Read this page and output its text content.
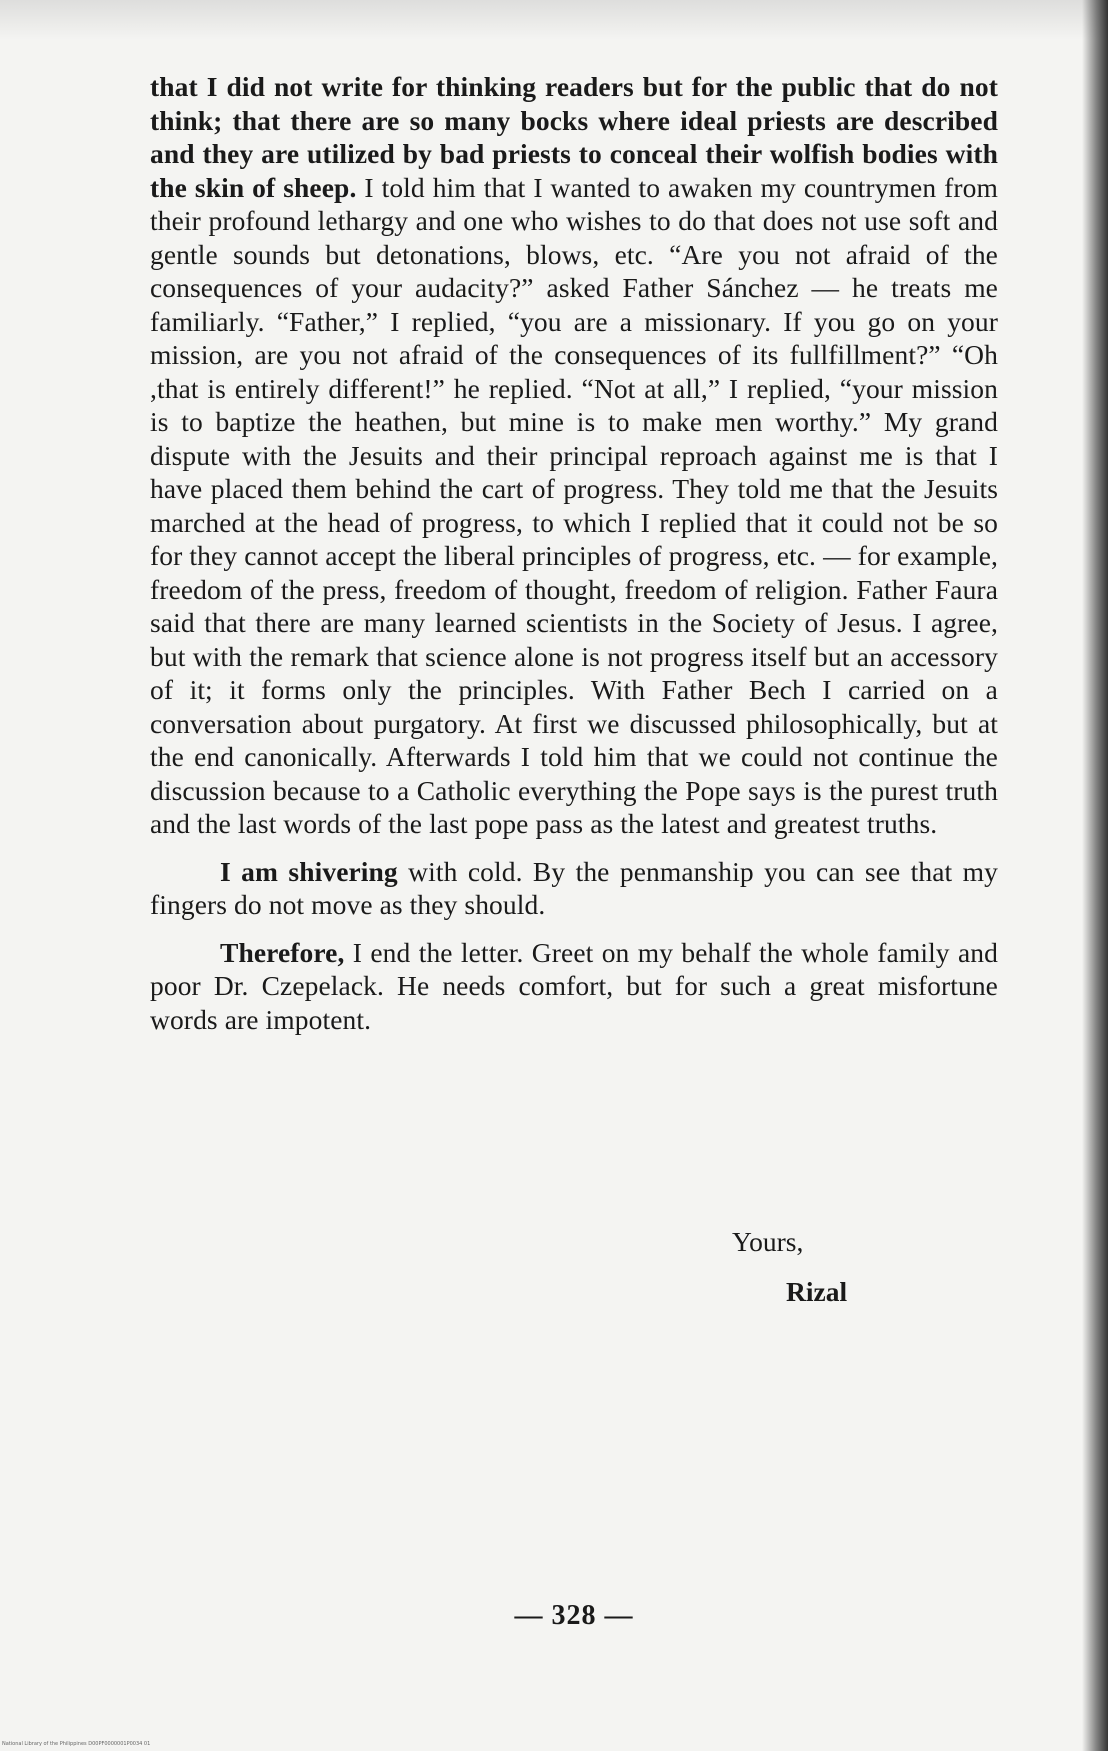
that I did not write for thinking readers but for the public that do not think; that there are so many bocks where ideal priests are described and they are utilized by bad priests to conceal their wolfish bodies with the skin of sheep. I told him that I wanted to awaken my countrymen from their profound lethargy and one who wishes to do that does not use soft and gentle sounds but detonations, blows, etc. “Are you not afraid of the consequences of your audacity?” asked Father Sánchez — he treats me familiarly. “Father,” I replied, “you are a missionary. If you go on your mission, are you not afraid of the consequences of its fullfillment?” “Oh ,that is entirely different!” he replied. “Not at all,” I replied, “your mission is to baptize the heathen, but mine is to make men worthy.” My grand dispute with the Jesuits and their principal reproach against me is that I have placed them behind the cart of progress. They told me that the Jesuits marched at the head of progress, to which I replied that it could not be so for they cannot accept the liberal principles of progress, etc. — for example, freedom of the press, freedom of thought, freedom of religion. Father Faura said that there are many learned scientists in the Society of Jesus. I agree, but with the remark that science alone is not progress itself but an accessory of it; it forms only the principles. With Father Bech I carried on a conversation about purgatory. At first we discussed philosophically, but at the end canonically. Afterwards I told him that we could not continue the discussion because to a Catholic everything the Pope says is the purest truth and the last words of the last pope pass as the latest and greatest truths.

I am shivering with cold. By the penmanship you can see that my fingers do not move as they should.

Therefore, I end the letter. Greet on my behalf the whole family and poor Dr. Czepelack. He needs comfort, but for such a great misfortune words are impotent.

Yours,
Rizal
— 328 —
National Library of the Philippines D00PF0000001P0034 01
